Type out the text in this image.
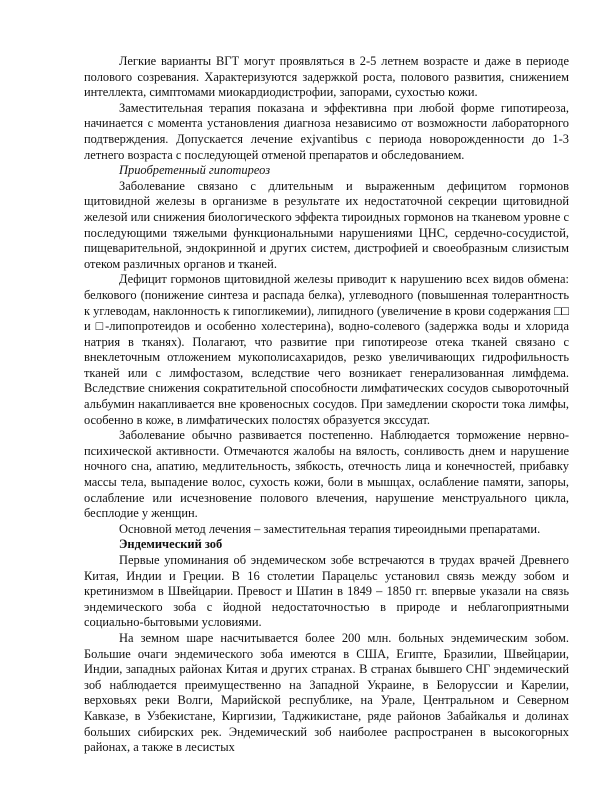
Легкие варианты ВГТ могут проявляться в 2-5 летнем возрасте и даже в периоде полового созревания. Характеризуются задержкой роста, полового развития, снижением интеллекта, симптомами миокардиодистрофии, запорами, сухостью кожи.

Заместительная терапия показана и эффективна при любой форме гипотиреоза, начинается с момента установления диагноза независимо от возможности лабораторного подтверждения. Допускается лечение exjvantibus с периода новорожденности до 1-3 летнего возраста с последующей отменой препаратов и обследованием.

Приобретенный гипотиреоз

Заболевание связано с длительным и выраженным дефицитом гормонов щитовидной железы в организме в результате их недостаточной секреции щитовидной железой или снижения биологического эффекта тироидных гормонов на тканевом уровне с последующими тяжелыми функциональными нарушениями ЦНС, сердечно-сосудистой, пищеварительной, эндокринной и других систем, дистрофией и своеобразным слизистым отеком различных органов и тканей.

Дефицит гормонов щитовидной железы приводит к нарушению всех видов обмена: белкового (понижение синтеза и распада белка), углеводного (повышенная толерантность к углеводам, наклонность к гипогликемии), липидного (увеличение в крови содержания □□ и □-липопротеидов и особенно холестерина), водно-солевого (задержка воды и хлорида натрия в тканях). Полагают, что развитие при гипотиреозе отека тканей связано с внеклеточным отложением мукополисахаридов, резко увеличивающих гидрофильность тканей или с лимфостазом, вследствие чего возникает генерализованная лимфдема. Вследствие снижения сократительной способности лимфатических сосудов сывороточный альбумин накапливается вне кровеносных сосудов. При замедлении скорости тока лимфы, особенно в коже, в лимфатических полостях образуется экссудат.

Заболевание обычно развивается постепенно. Наблюдается торможение нервно-психической активности. Отмечаются жалобы на вялость, сонливость днем и нарушение ночного сна, апатию, медлительность, зябкость, отечность лица и конечностей, прибавку массы тела, выпадение волос, сухость кожи, боли в мышцах, ослабление памяти, запоры, ослабление или исчезновение полового влечения, нарушение менструального цикла, бесплодие у женщин.

Основной метод лечения – заместительная терапия тиреоидными препаратами.

Эндемический зоб

Первые упоминания об эндемическом зобе встречаются в трудах врачей Древнего Китая, Индии и Греции. В 16 столетии Парацельс установил связь между зобом и кретинизмом в Швейцарии. Превост и Шатин в 1849 – 1850 гг. впервые указали на связь эндемического зоба с йодной недостаточностью в природе и неблагоприятными социально-бытовыми условиями.

На земном шаре насчитывается более 200 млн. больных эндемическим зобом. Большие очаги эндемического зоба имеются в США, Египте, Бразилии, Швейцарии, Индии, западных районах Китая и других странах. В странах бывшего СНГ эндемический зоб наблюдается преимущественно на Западной Украине, в Белоруссии и Карелии, верховьях реки Волги, Марийской республике, на Урале, Центральном и Северном Кавказе, в Узбекистане, Киргизии, Таджикистане, ряде районов Забайкалья и долинах больших сибирских рек. Эндемический зоб наиболее распространен в высокогорных районах, а также в лесистых
